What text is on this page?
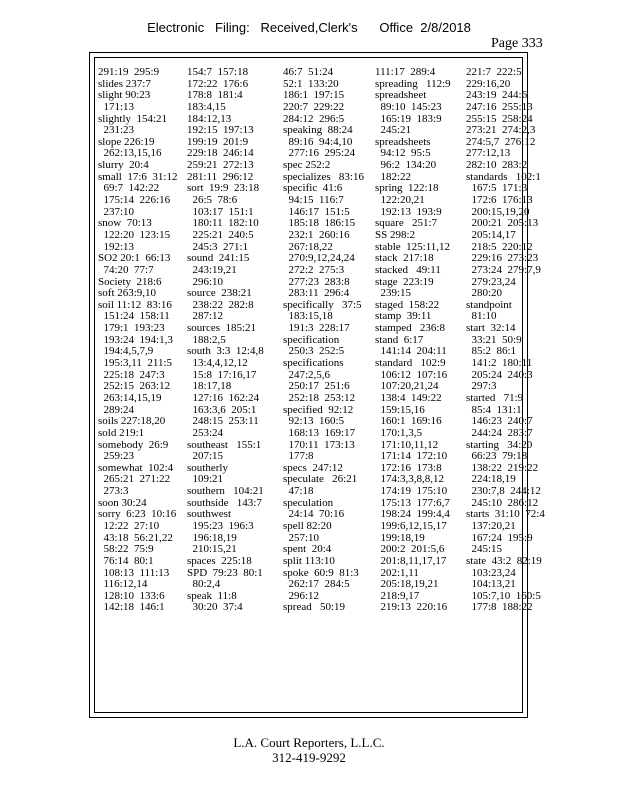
Electronic   Filing:   Received,Clerk's      Office  2/8/2018
Page 333
291:19  295:9
slides 237:7
slight 90:23
171:13
slightly  154:21
231:23
slope 226:19
262:13,15,16
slurry  20:4
small  17:6  31:12
69:7  142:22
175:14  226:16
237:10
snow  70:13
122:20  123:15
192:13
SO2 20:1  66:13
74:20  77:7
Society  218:6
soft 263:9,10
soil 11:12  83:16
151:24  158:11
179:1  193:23
193:24  194:1,3
194:4,5,7,9
195:3,11  211:5
225:18  247:3
252:15  263:12
263:14,15,19
289:24
soils 227:18,20
sold 219:1
somebody  26:9
259:23
somewhat  102:4
265:21  271:22
273:3
soon 30:24
sorry  6:23  10:16
12:22  27:10
43:18  56:21,22
58:22  75:9
76:14  80:1
108:13  111:13
116:12,14
128:10  133:6
142:18  146:1
154:7  157:18
172:22  176:6
178:8  181:4
183:4,15
184:12,13
192:15  197:13
199:19  201:9
229:18  246:14
259:21  272:13
281:11  296:12
sort  19:9  23:18
26:5  78:6
103:17  151:1
180:11  182:10
225:21  240:5
245:3  271:1
sound  241:15
243:19,21
296:10
source  238:21
238:22  282:8
287:12
sources  185:21
188:2,5
south  3:3  12:4,8
13:4,4,12,12
15:8  17:16,17
18:17,18
127:16  162:24
163:3,6  205:1
248:15  253:11
253:24
southeast   155:1
207:15
southerly
109:21
southern   104:21
southside   143:7
southwest
195:23  196:3
196:18,19
210:15,21
spaces  225:18
SPD  79:23  80:1
80:2,4
speak  11:8
30:20  37:4
46:7  51:24
52:1  133:20
186:1  197:15
220:7  229:22
284:12  296:5
speaking  88:24
89:16  94:4,10
277:16  295:24
spec 252:2
specializes   83:16
specific  41:6
94:15  116:7
146:17  151:5
185:18  186:15
232:1  260:16
267:18,22
270:9,12,24,24
272:2  275:3
277:23  283:8
283:11  296:4
specifically   37:5
183:15,18
191:3  228:17
specification
250:3  252:5
specifications
247:2,5,6
250:17  251:6
252:18  253:12
specified  92:12
92:13  160:5
168:13  169:17
170:11  173:13
177:8
specs  247:12
speculate   26:21
47:18
speculation
24:14  70:16
spell 82:20
257:10
spent  20:4
split 113:10
spoke  60:9  81:3
262:17  284:5
296:12
spread   50:19
111:17  289:4
spreading   112:9
spreadsheet
89:10  145:23
165:19  183:9
245:21
spreadsheets
94:12  95:5
96:2  134:20
182:22
spring  122:18
122:20,21
192:13  193:9
square   251:7
SS 298:2
stable  125:11,12
stack  217:18
stacked   49:11
stage  223:19
239:15
staged  158:22
stamp  39:11
stamped   236:8
stand  6:17
141:14  204:11
standard   102:9
106:12  107:16
107:20,21,24
138:4  149:22
159:15,16
160:1  169:16
170:1,3,5
171:10,11,12
171:14  172:10
172:16  173:8
174:3,3,8,8,12
174:19  175:10
175:13  177:6,7
198:24  199:4,4
199:6,12,15,17
199:18,19
200:2  201:5,6
201:8,11,17,17
202:1,11
205:18,19,21
218:9,17
219:13  220:16
221:7  222:5
229:16,20
243:19  244:6
247:16  255:13
255:15  258:24
273:21  274:2,3
274:5,7  276:12
277:12,13
282:10  283:2
standards   102:1
167:5  171:3
172:6  176:13
200:15,19,20
200:21  205:13
205:14,17
218:5  220:12
229:16  273:23
273:24  279:7,9
279:23,24
280:20
standpoint
81:10
start  32:14
33:21  50:9
85:2  86:1
141:2  180:11
205:24  240:3
297:3
started   71:9
85:4  131:1
146:23  240:7
244:24  283:7
starting   34:20
66:23  79:18
138:22  219:22
224:18,19
230:7,8  244:12
245:10  286:12
starts  31:10  72:4
137:20,21
167:24  195:9
245:15
state  43:2  82:19
103:23,24
104:13,21
105:7,10  160:5
177:8  188:22
L.A. Court Reporters, L.L.C.
312-419-9292
